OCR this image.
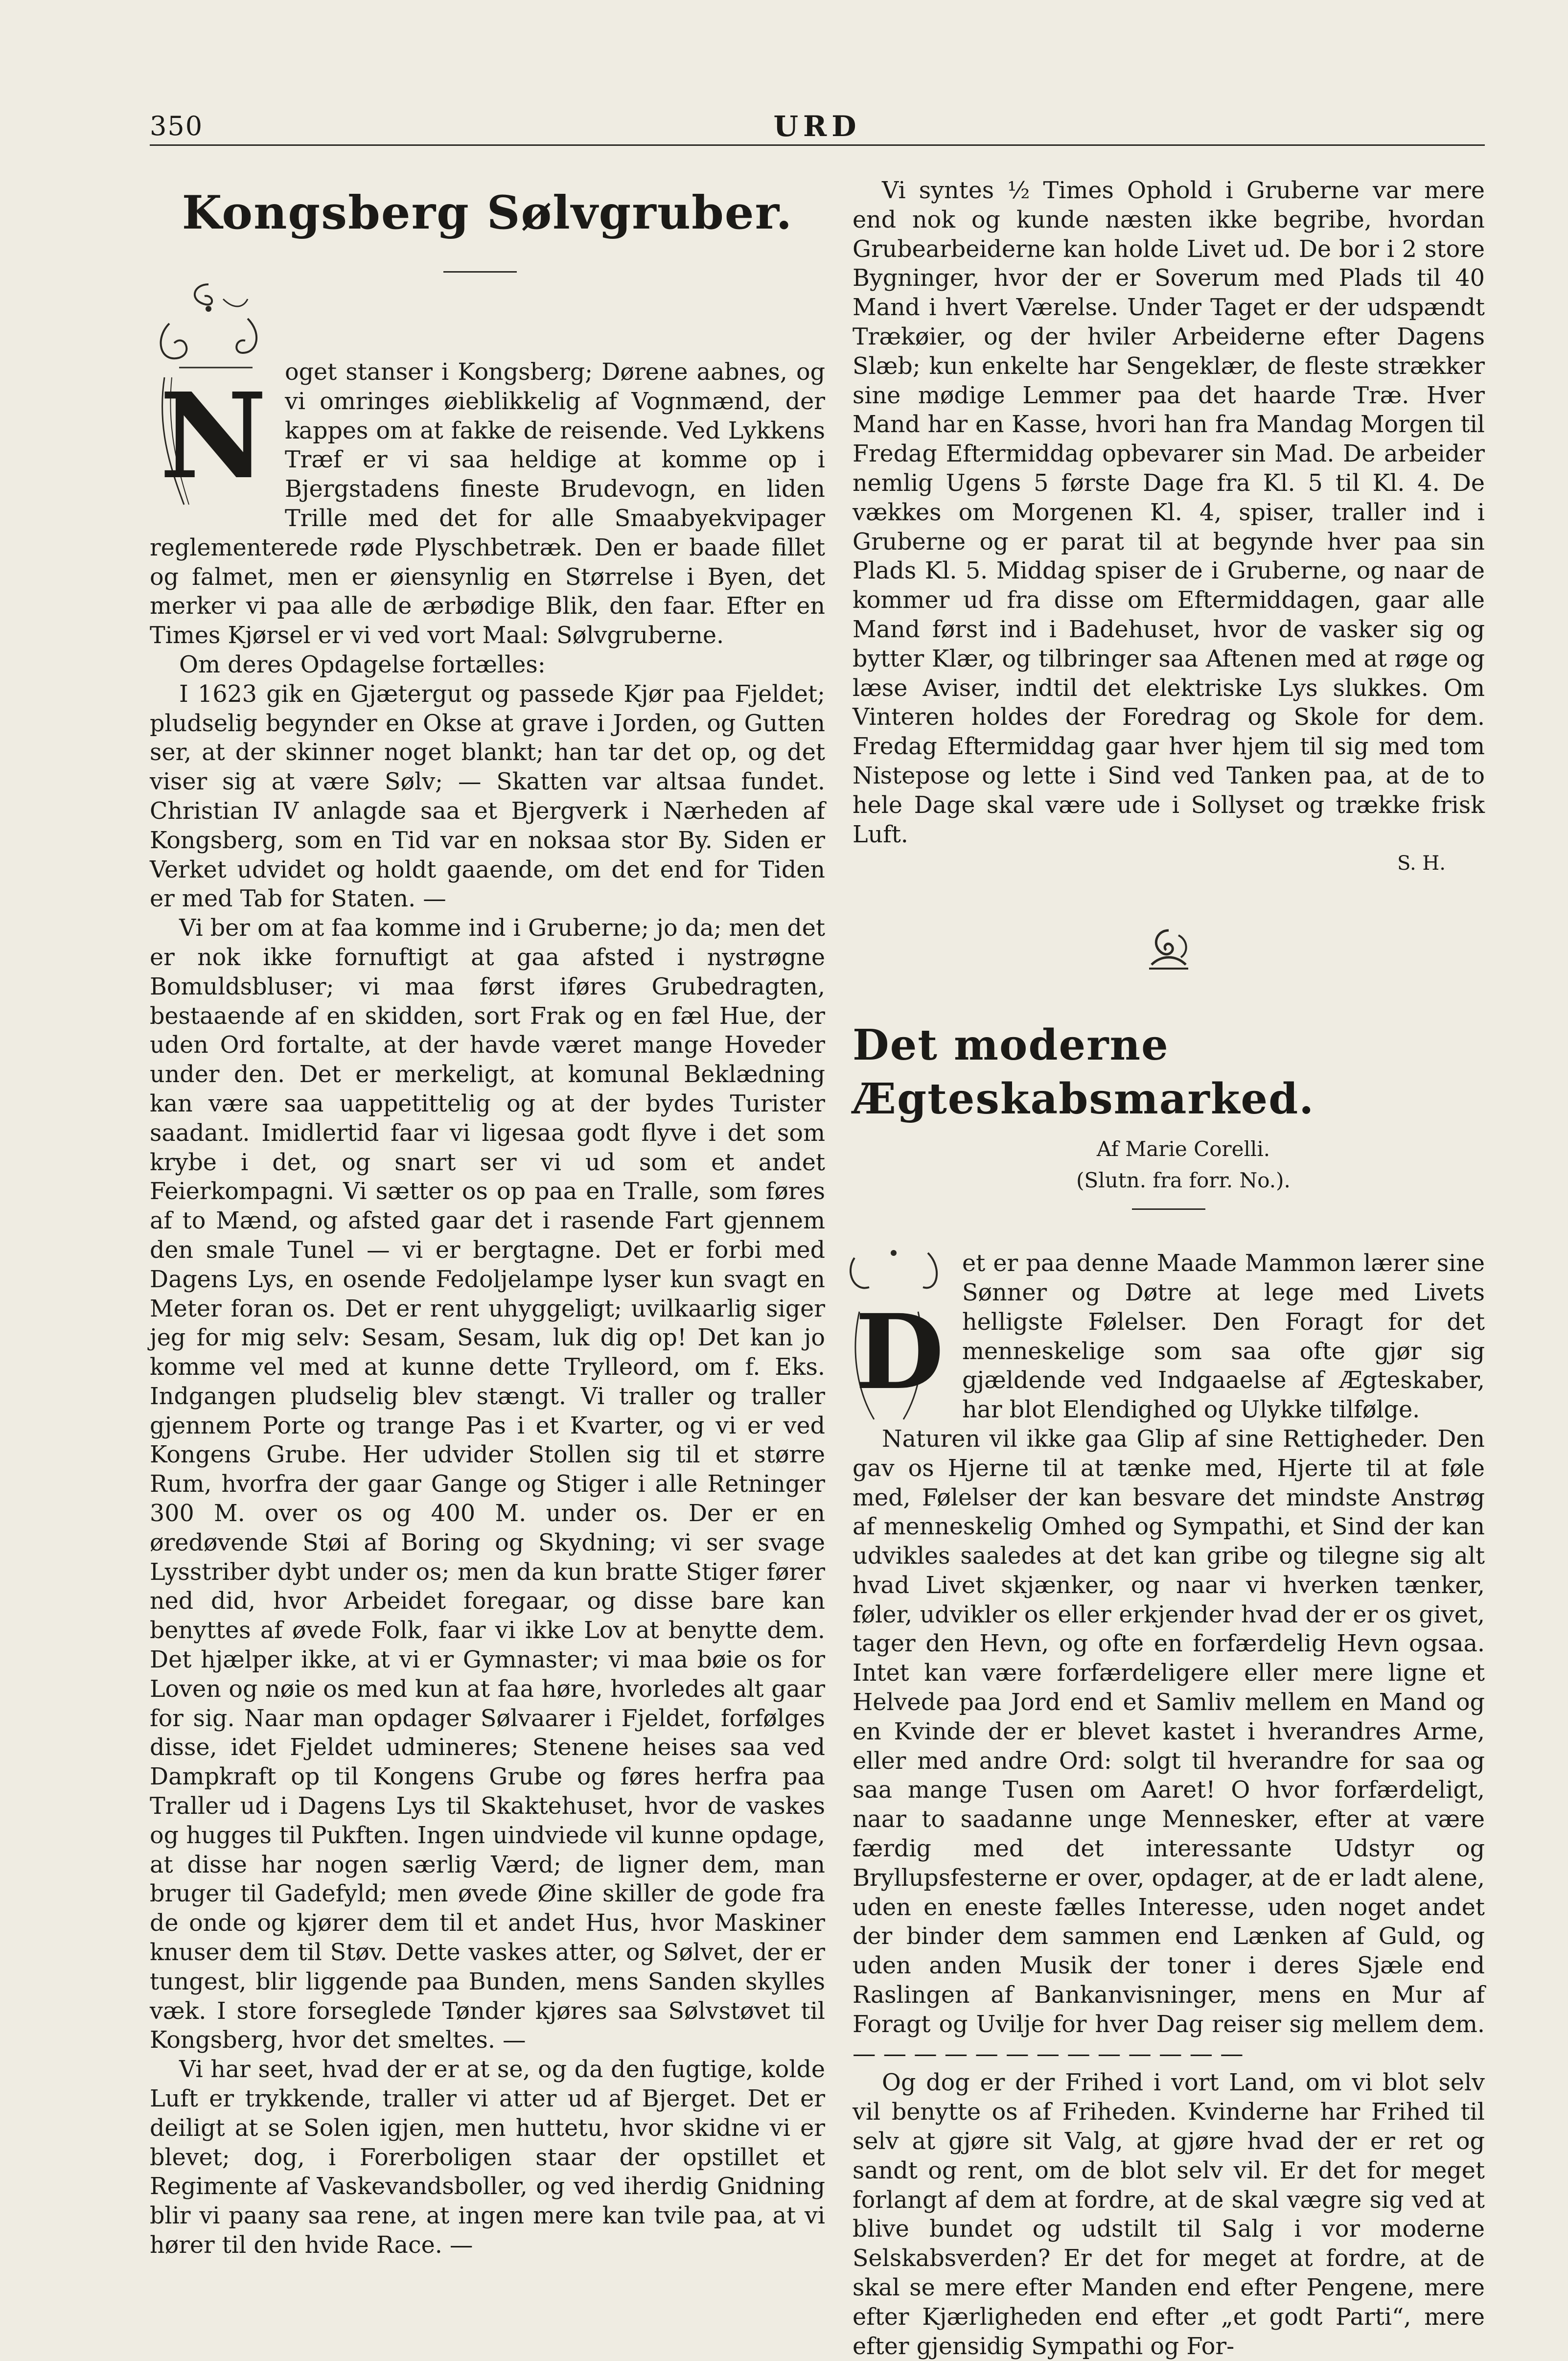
350	URD
Kongsberg Sølvgruber.
N oget stanser i Kongsberg; Dørene aabnes, og vi omringes øieblikkelig af Vognmænd, der kappes om at fakke de reisende. Ved Lykkens Træf er vi saa heldige at komme op i Bjergstadens fineste Brudevogn, en liden Trille med det for alle Smaabyekvipager reglementerede røde Plyschbetræk. Den er baade fillet og falmet, men er øiensynlig en Størrelse i Byen, det merker vi paa alle de ærbødige Blik, den faar. Efter en Times Kjørsel er vi ved vort Maal: Sølvgruberne.

Om deres Opdagelse fortælles:

I 1623 gik en Gjætergut og passede Kjør paa Fjeldet; pludselig begynder en Okse at grave i Jorden, og Gutten ser, at der skinner noget blankt; han tar det op, og det viser sig at være Sølv; — Skatten var altsaa fundet. Christian IV anlagde saa et Bjergverk i Nærheden af Kongsberg, som en Tid var en noksaa stor By. Siden er Verket udvidet og holdt gaaende, om det end for Tiden er med Tab for Staten. —

Vi ber om at faa komme ind i Gruberne; jo da; men det er nok ikke fornuftigt at gaa afsted i nystrøgne Bomuldsbluser; vi maa først iføres Grubedragten, bestaaende af en skidden, sort Frak og en fæl Hue, der uden Ord fortalte, at der havde været mange Hoveder under den. Det er merkeligt, at komunal Beklædning kan være saa uappetittelig og at der bydes Turister saadant. Imidlertid faar vi ligesaa godt flyve i det som krybe i det, og snart ser vi ud som et andet Feierkompagni. Vi sætter os op paa en Tralle, som føres af to Mænd, og afsted gaar det i rasende Fart gjennem den smale Tunel — vi er bergtagne. Det er forbi med Dagens Lys, en osende Fedoljelampe lyser kun svagt en Meter foran os. Det er rent uhyggeligt; uvilkaarlig siger jeg for mig selv: Sesam, Sesam, luk dig op! Det kan jo komme vel med at kunne dette Trylleord, om f. Eks. Indgangen pludselig blev stængt. Vi traller og traller gjennem Porte og trange Pas i et Kvarter, og vi er ved Kongens Grube. Her udvider Stollen sig til et større Rum, hvorfra der gaar Gange og Stiger i alle Retninger 300 M. over os og 400 M. under os. Der er en øredøvende Støi af Boring og Skydning; vi ser svage Lysstriber dybt under os; men da kun bratte Stiger fører ned did, hvor Arbeidet foregaar, og disse bare kan benyttes af øvede Folk, faar vi ikke Lov at benytte dem. Det hjælper ikke, at vi er Gymnaster; vi maa bøie os for Loven og nøie os med kun at faa høre, hvorledes alt gaar for sig. Naar man opdager Sølvaarer i Fjeldet, forfølges disse, idet Fjeldet udmineres; Stenene heises saa ved Dampkraft op til Kongens Grube og føres herfra paa Traller ud i Dagens Lys til Skaktehuset, hvor de vaskes og hugges til Pukften. Ingen uindviede vil kunne opdage, at disse har nogen særlig Værd; de ligner dem, man bruger til Gadefyld; men øvede Øine skiller de gode fra de onde og kjører dem til et andet Hus, hvor Maskiner knuser dem til Støv. Dette vaskes atter, og Sølvet, der er tungest, blir liggende paa Bunden, mens Sanden skylles væk. I store forseglede Tønder kjøres saa Sølvstøvet til Kongsberg, hvor det smeltes. —

Vi har seet, hvad der er at se, og da den fugtige, kolde Luft er trykkende, traller vi atter ud af Bjerget. Det er deiligt at se Solen igjen, men huttetu, hvor skidne vi er blevet; dog, i Forerboligen staar der opstillet et Regimente af Vaskevandsboller, og ved iherdig Gnidning blir vi paany saa rene, at ingen mere kan tvile paa, at vi hører til den hvide Race. —

Vi syntes ½ Times Ophold i Gruberne var mere end nok og kunde næsten ikke begribe, hvordan Grubearbeiderne kan holde Livet ud. De bor i 2 store Bygninger, hvor der er Soverum med Plads til 40 Mand i hvert Værelse. Under Taget er der udspændt Trækøier, og der hviler Arbeiderne efter Dagens Slæb; kun enkelte har Sengeklær, de fleste strækker sine mødige Lemmer paa det haarde Træ. Hver Mand har en Kasse, hvori han fra Mandag Morgen til Fredag Eftermiddag opbevarer sin Mad. De arbeider nemlig Ugens 5 første Dage fra Kl. 5 til Kl. 4. De vækkes om Morgenen Kl. 4, spiser, traller ind i Gruberne og er parat til at begynde hver paa sin Plads Kl. 5. Middag spiser de i Gruberne, og naar de kommer ud fra disse om Eftermiddagen, gaar alle Mand først ind i Badehuset, hvor de vasker sig og bytter Klær, og tilbringer saa Aftenen med at røge og læse Aviser, indtil det elektriske Lys slukkes. Om Vinteren holdes der Foredrag og Skole for dem. Fredag Eftermiddag gaar hver hjem til sig med tom Nistepose og lette i Sind ved Tanken paa, at de to hele Dage skal være ude i Sollyset og trække frisk Luft.

S. H.

Det moderne Ægteskabsmarked.

Af Marie Corelli.

(Slutn. fra forr. No.).

D

et er paa denne Maade Mammon lærer sine Sønner og Døtre at lege med Livets helligste Følelser. Den Foragt for det menneskelige som saa ofte gjør sig gjældende ved Indgaaelse af Ægteskaber, har blot Elendighed og Ulykke tilfølge.

Naturen vil ikke gaa Glip af sine Rettigheder. Den gav os Hjerne til at tænke med, Hjerte til at føle med, Følelser der kan besvare det mindste Anstrøg af menneskelig Omhed og Sympathi, et Sind der kan udvikles saaledes at det kan gribe og tilegne sig alt hvad Livet skjænker, og naar vi hverken tænker, føler, udvikler os eller erkjender hvad der er os givet, tager den Hevn, og ofte en forfærdelig Hevn ogsaa. Intet kan være forfærdeligere eller mere ligne et Helvede paa Jord end et Samliv mellem en Mand og en Kvinde der er blevet kastet i hverandres Arme, eller med andre Ord: solgt til hverandre for saa og saa mange Tusen om Aaret! O hvor forfærdeligt, naar to saadanne unge Mennesker, efter at være færdig med det interessante Udstyr og Bryllupsfesterne er over, opdager, at de er ladt alene, uden en eneste fælles Interesse, uden noget andet der binder dem sammen end Lænken af Guld, og uden anden Musik der toner i deres Sjæle end Raslingen af Bankanvisninger, mens en Mur af Foragt og Uvilje for hver Dag reiser sig mellem dem. — — — — — — — — — — — — —

Og dog er der Frihed i vort Land, om vi blot selv vil benytte os af Friheden. Kvinderne har Frihed til selv at gjøre sit Valg, at gjøre hvad der er ret og sandt og rent, om de blot selv vil. Er det for meget forlangt af dem at fordre, at de skal vægre sig ved at blive bundet og udstilt til Salg i vor moderne Selskabsverden? Er det for meget at fordre, at de skal se mere efter Manden end efter Pengene, mere efter Kjærligheden end efter „et godt Parti“, mere efter gjensidig Sympathi og For-
